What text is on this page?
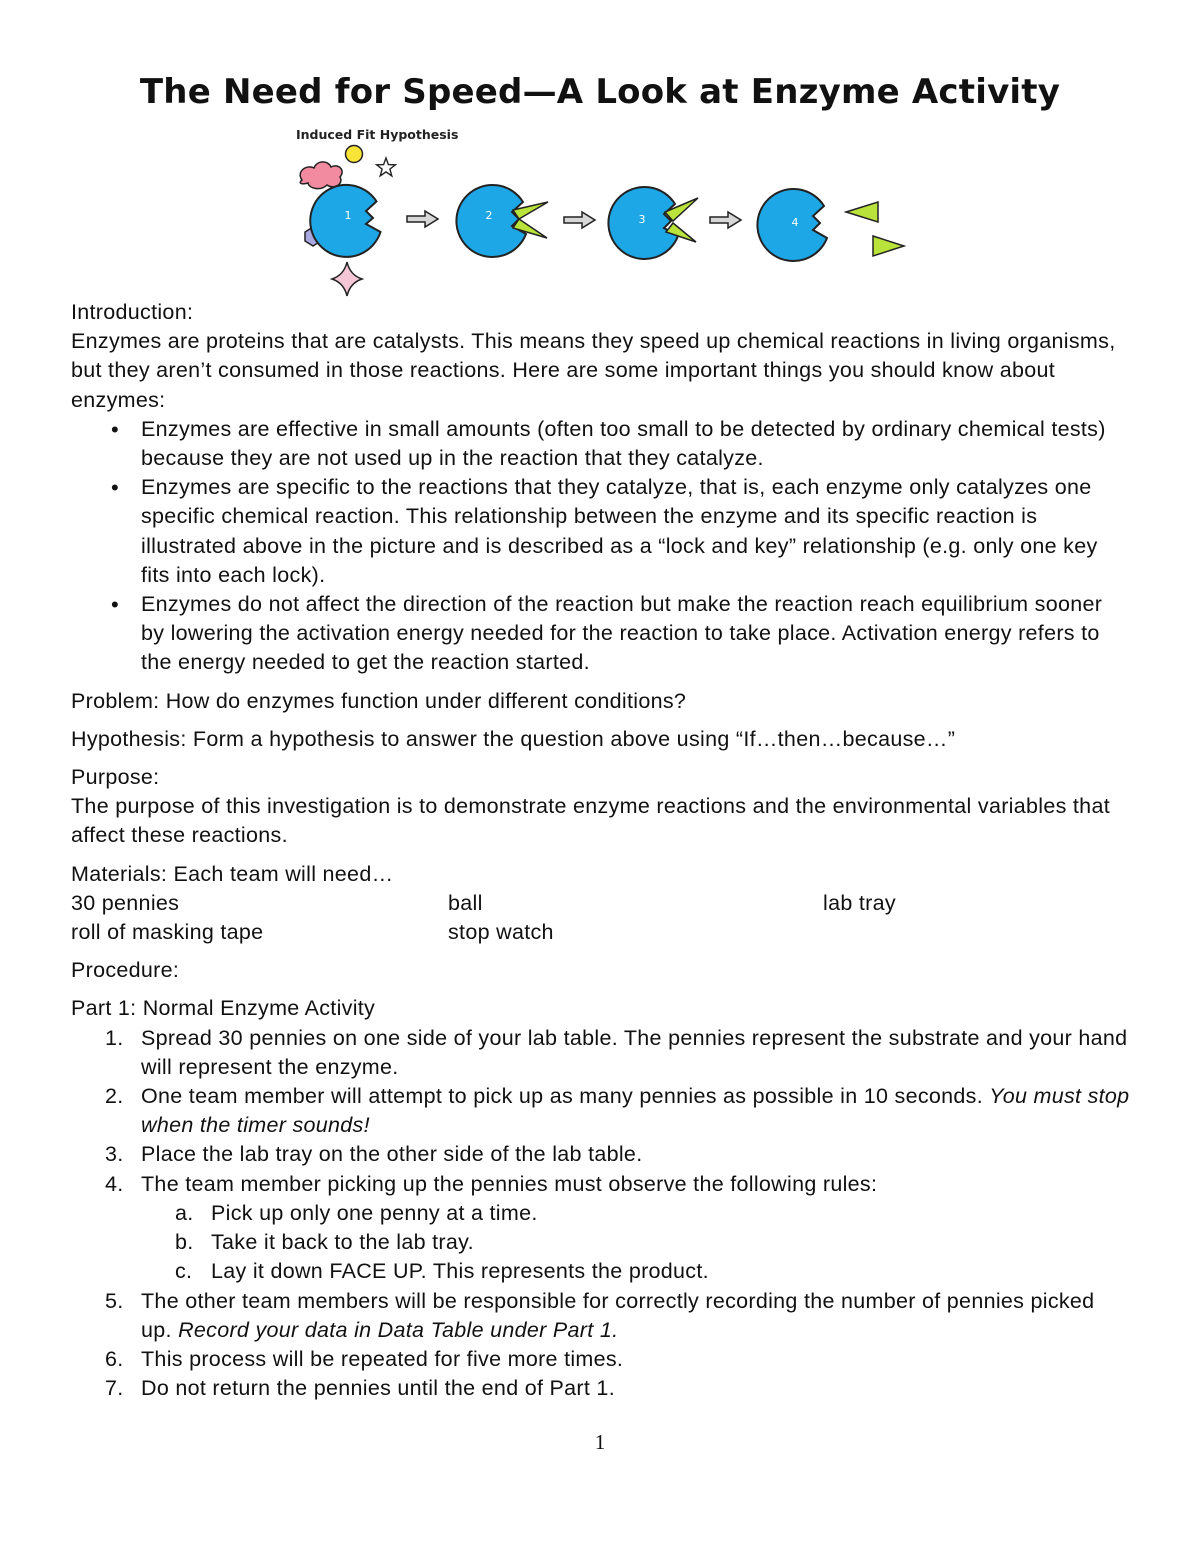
The Need for Speed—A Look at Enzyme Activity
Induced Fit Hypothesis
1	2	3	4

Introduction:

Enzymes are proteins that are catalysts. This means they speed up chemical reactions in living organisms, but they aren’t consumed in those reactions. Here are some important things you should know about enzymes:

• Enzymes are effective in small amounts (often too small to be detected by ordinary chemical tests) because they are not used up in the reaction that they catalyze.
• Enzymes are specific to the reactions that they catalyze, that is, each enzyme only catalyzes one specific chemical reaction. This relationship between the enzyme and its specific reaction is illustrated above in the picture and is described as a “lock and key” relationship (e.g. only one key fits into each lock).
• Enzymes do not affect the direction of the reaction but make the reaction reach equilibrium sooner by lowering the activation energy needed for the reaction to take place. Activation energy refers to the energy needed to get the reaction started.

Problem: How do enzymes function under different conditions?

Hypothesis: Form a hypothesis to answer the question above using “If…then…because…”

Purpose:

The purpose of this investigation is to demonstrate enzyme reactions and the environmental variables that affect these reactions.

Materials: Each team will need…

30 pennies	ball	lab tray
roll of masking tape	stop watch

Procedure:

Part 1: Normal Enzyme Activity

1. Spread 30 pennies on one side of your lab table. The pennies represent the substrate and your hand will represent the enzyme.
2. One team member will attempt to pick up as many pennies as possible in 10 seconds. You must stop when the timer sounds!
3. Place the lab tray on the other side of the lab table.
4. The team member picking up the pennies must observe the following rules:
a. Pick up only one penny at a time.
b. Take it back to the lab tray.
c. Lay it down FACE UP. This represents the product.
5. The other team members will be responsible for correctly recording the number of pennies picked up. Record your data in Data Table under Part 1.
6. This process will be repeated for five more times.
7. Do not return the pennies until the end of Part 1.
1
